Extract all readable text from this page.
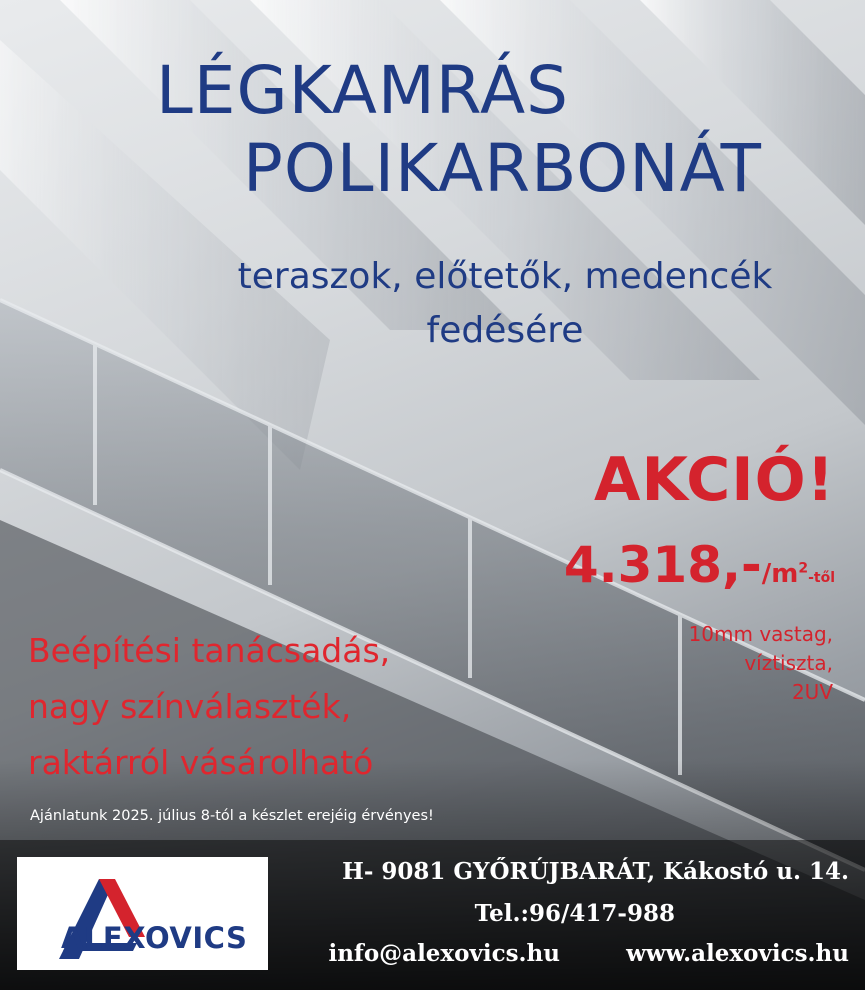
LÉGKAMRÁS
POLIKARBONÁT
teraszok, előtetők, medencék
fedésére
AKCIÓ!
$4.318,-/m^2$-től
10mm vastag,
víztiszta,
2UV
Beépítési tanácsadás,
nagy színválaszték,
raktárról vásárolható
Ajánlatunk 2025. július 8-tól a készlet erejéig érvényes!
ALEXOVICS
H- 9081 GYŐRÚJBARÁT, Kákostó u. 14.
Tel.:96/417-988
info@alexovics.hu	www.alexovics.hu
